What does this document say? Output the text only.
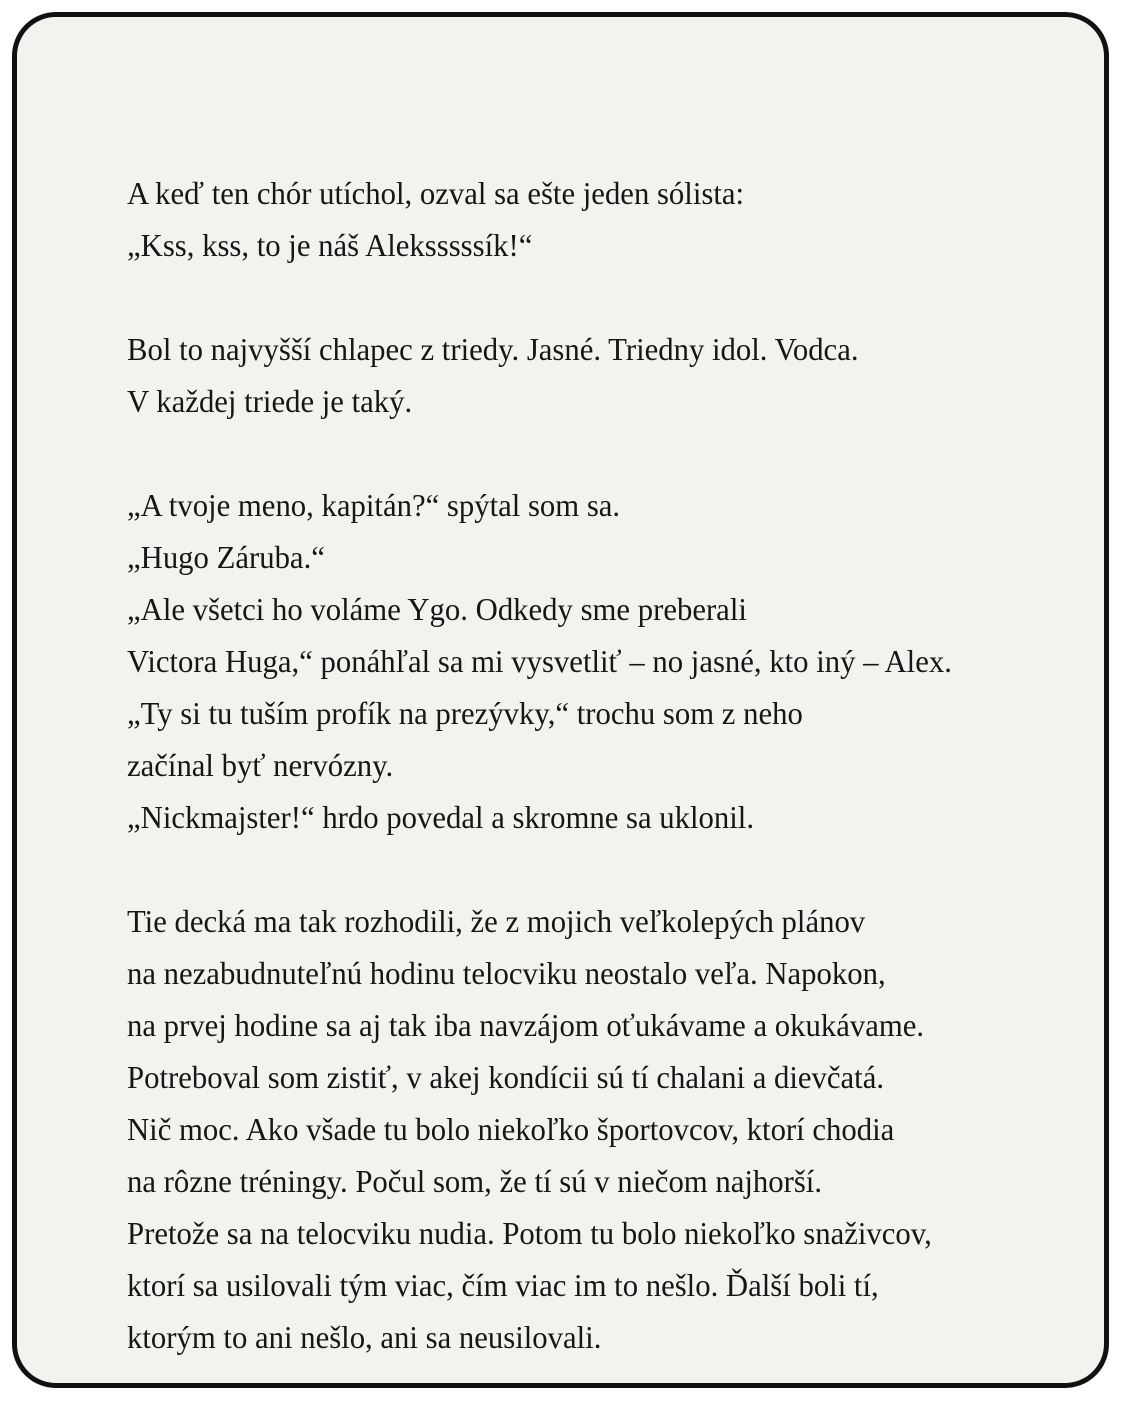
A keď ten chór utíchol, ozval sa ešte jeden sólista:
„Kss, kss, to je náš Aleksssssík!“
Bol to najvyšší chlapec z triedy. Jasné. Triedny idol. Vodca.
V každej triede je taký.
„A tvoje meno, kapitán?“ spýtal som sa.
„Hugo Záruba.“
„Ale všetci ho voláme Ygo. Odkedy sme preberali
Victora Huga,“ ponáhľal sa mi vysvetliť – no jasné, kto iný – Alex.
„Ty si tu tuším profík na prezývky,“ trochu som z neho
začínal byť nervózny.
„Nickmajster!“ hrdo povedal a skromne sa uklonil.
Tie decká ma tak rozhodili, že z mojich veľkolepých plánov
na nezabudnuteľnú hodinu telocviku neostalo veľa. Napokon,
na prvej hodine sa aj tak iba navzájom oťukávame a okukávame.
Potreboval som zistiť, v akej kondícii sú tí chalani a dievčatá.
Nič moc. Ako všade tu bolo niekoľko športovcov, ktorí chodia
na rôzne tréningy. Počul som, že tí sú v niečom najhorší.
Pretože sa na telocviku nudia. Potom tu bolo niekoľko snaživcov,
ktorí sa usilovali tým viac, čím viac im to nešlo. Ďalší boli tí,
ktorým to ani nešlo, ani sa neusilovali.
